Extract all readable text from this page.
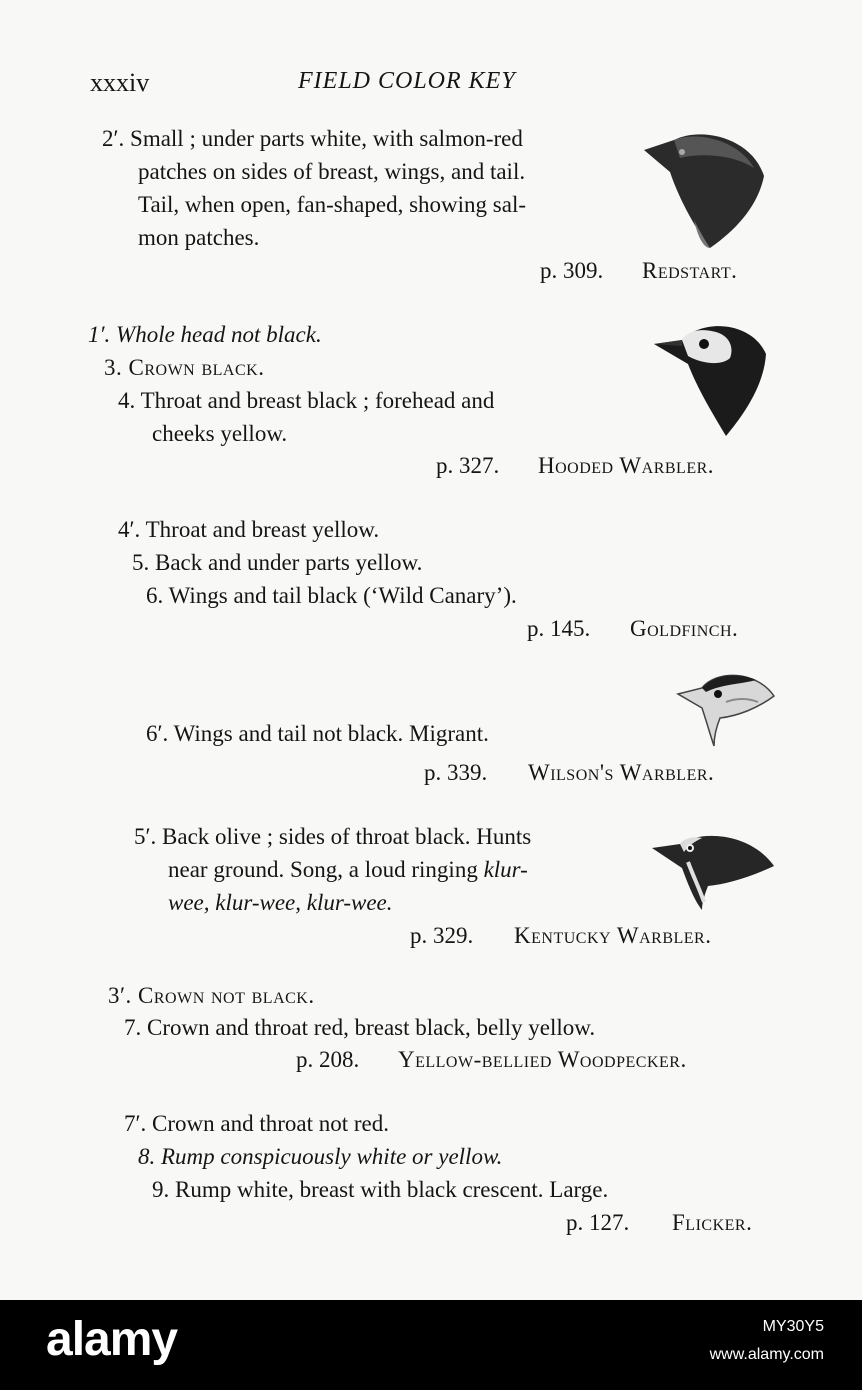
xxxiv	FIELD COLOR KEY
2′. Small ; under parts white, with salmon-red
patches on sides of breast, wings, and tail.
Tail, when open, fan-shaped, showing sal-
mon patches.
p. 309. Redstart.
1′. Whole head not black.
3. Crown black.
4. Throat and breast black ; forehead and
cheeks yellow.
p. 327. Hooded Warbler.
4′. Throat and breast yellow.
5. Back and under parts yellow.
6. Wings and tail black (‘Wild Canary’).
p. 145. Goldfinch.
6′. Wings and tail not black. Migrant.
p. 339. Wilson's Warbler.
5′. Back olive ; sides of throat black. Hunts
near ground. Song, a loud ringing klur-
wee, klur-wee, klur-wee.
p. 329. Kentucky Warbler.
3′. Crown not black.
7. Crown and throat red, breast black, belly yellow.
p. 208. Yellow-bellied Woodpecker.
7′. Crown and throat not red.
8. Rump conspicuously white or yellow.
9. Rump white, breast with black crescent. Large.
p. 127. Flicker.
alamy	MY30Y5
www.alamy.com
